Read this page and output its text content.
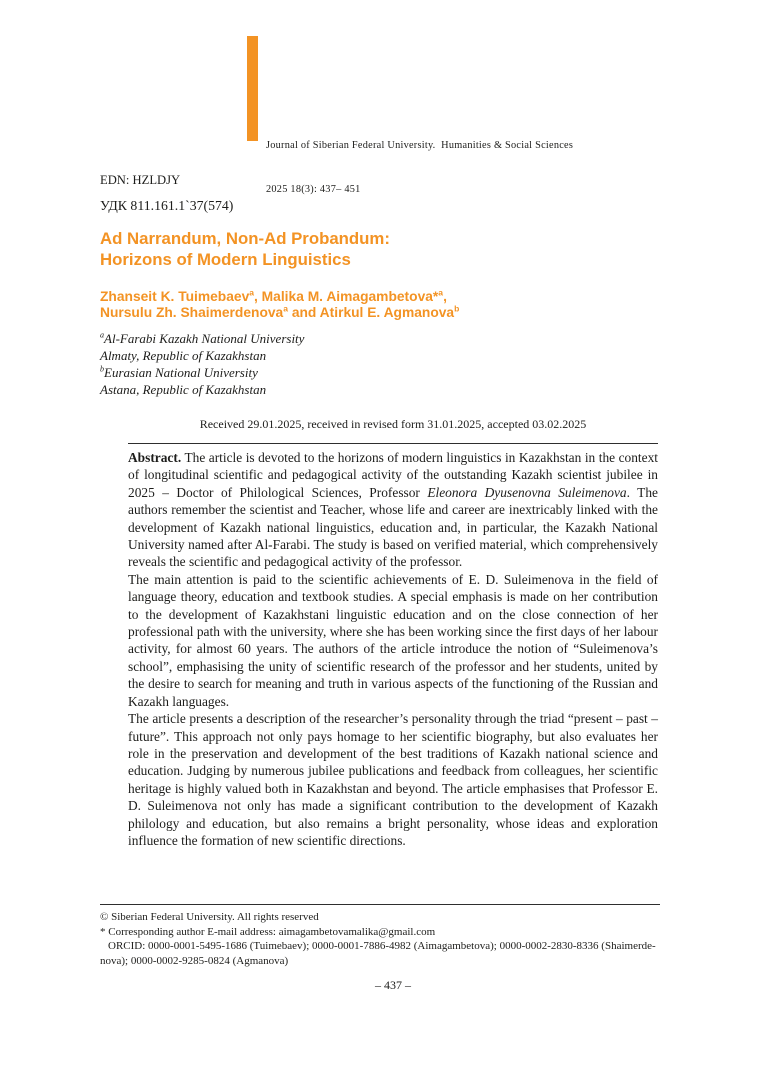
Journal of Siberian Federal University.  Humanities & Social Sciences

2025 18(3): 437– 451

EDN: HZLDJY
УДК 811.161.1`37(574)
Ad Narrandum, Non-Ad Probandum:
Horizons of Modern Linguistics
Zhanseit K. Tuimebaev$^a$, Malika M. Aimagambetova*$^a$,
Nursulu Zh. Shaimerdenova$^a$ and Atirkul E. Agmanova$^b$
$^a$Al-Farabi Kazakh National University
Almaty, Republic of Kazakhstan
$^b$Eurasian National University
Astana, Republic of Kazakhstan
Received 29.01.2025, received in revised form 31.01.2025, accepted 03.02.2025

Abstract. The article is devoted to the horizons of modern linguistics in Kazakhstan in the context of longitudinal scientific and pedagogical activity of the outstanding Kazakh scientist jubilee in 2025 – Doctor of Philological Sciences, Professor Eleonora Dyusenovna Suleimenova. The authors remember the scientist and Teacher, whose life and career are inextricably linked with the development of Kazakh national linguistics, education and, in particular, the Kazakh National University named after Al-Farabi. The study is based on verified material, which comprehensively reveals the scientific and pedagogical activity of the professor.

The main attention is paid to the scientific achievements of E. D. Suleimenova in the field of language theory, education and textbook studies. A special emphasis is made on her contribution to the development of Kazakhstani linguistic education and on the close connection of her professional path with the university, where she has been working since the first days of her labour activity, for almost 60 years. The authors of the article introduce the notion of “Suleimenova’s school”, emphasising the unity of scientific research of the professor and her students, united by the desire to search for meaning and truth in various aspects of the functioning of the Russian and Kazakh languages.

The article presents a description of the researcher’s personality through the triad “present – past – future”. This approach not only pays homage to her scientific biography, but also evaluates her role in the preservation and development of the best traditions of Kazakh national science and education. Judging by numerous jubilee publications and feedback from colleagues, her scientific heritage is highly valued both in Kazakhstan and beyond. The article emphasises that Professor E. D. Suleimenova not only has made a significant contribution to the development of Kazakh philology and education, but also remains a bright personality, whose ideas and exploration influence the formation of new scientific directions.

© Siberian Federal University. All rights reserved
* Corresponding author E-mail address: aimagambetovamalika@gmail.com
ORCID: 0000-0001-5495-1686 (Tuimebaev); 0000-0001-7886-4982 (Aimagambetova); 0000-0002-2830-8336 (Shaimerde-
nova); 0000-0002-9285-0824 (Agmanova)
– 437 –
